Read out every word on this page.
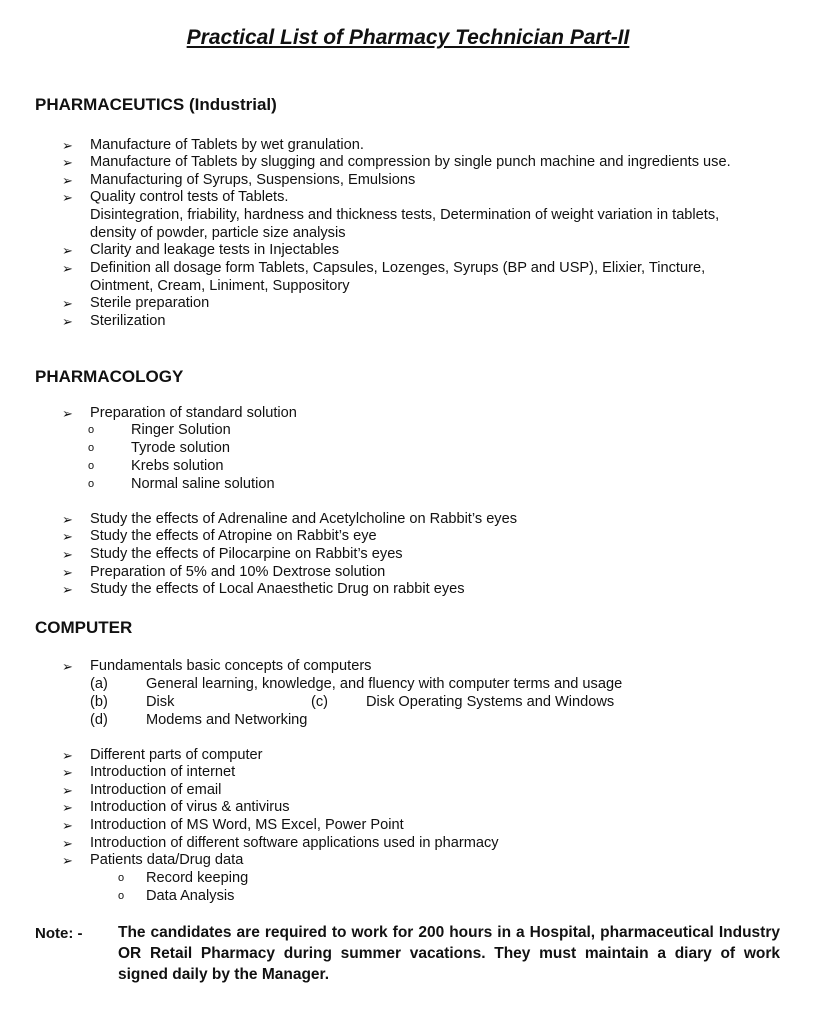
Practical List of Pharmacy Technician Part-II
PHARMACEUTICS (Industrial)
➢ Manufacture of Tablets by wet granulation.
➢ Manufacture of Tablets by slugging and compression by single punch machine and ingredients use.
➢ Manufacturing of Syrups, Suspensions, Emulsions
➢ Quality control tests of Tablets.
Disintegration, friability, hardness and thickness tests, Determination of weight variation in tablets,
density of powder, particle size analysis
➢ Clarity and leakage tests in Injectables
➢ Definition all dosage form Tablets, Capsules, Lozenges, Syrups (BP and USP), Elixier, Tincture,
Ointment, Cream, Liniment, Suppository
➢ Sterile preparation
➢ Sterilization
PHARMACOLOGY
➢ Preparation of standard solution
o	Ringer Solution
o	Tyrode solution
o	Krebs solution
o	Normal saline solution
➢ Study the effects of Adrenaline and Acetylcholine on Rabbit’s eyes
➢ Study the effects of Atropine on Rabbit’s eye
➢ Study the effects of Pilocarpine on Rabbit’s eyes
➢ Preparation of 5% and 10% Dextrose solution
➢ Study the effects of Local Anaesthetic Drug on rabbit eyes
COMPUTER
➢ Fundamentals basic concepts of computers
(a)	General learning, knowledge, and fluency with computer terms and usage
(b)	Disk	(c)	Disk Operating Systems and Windows
(d)	Modems and Networking
➢ Different parts of computer
➢ Introduction of internet
➢ Introduction of email
➢ Introduction of virus & antivirus
➢ Introduction of MS Word, MS Excel, Power Point
➢ Introduction of different software applications used in pharmacy
➢ Patients data/Drug data
o Record keeping
o Data Analysis
Note: - The candidates are required to work for 200 hours in a Hospital, pharmaceutical Industry OR Retail Pharmacy during summer vacations. They must maintain a diary of work signed daily by the Manager.
